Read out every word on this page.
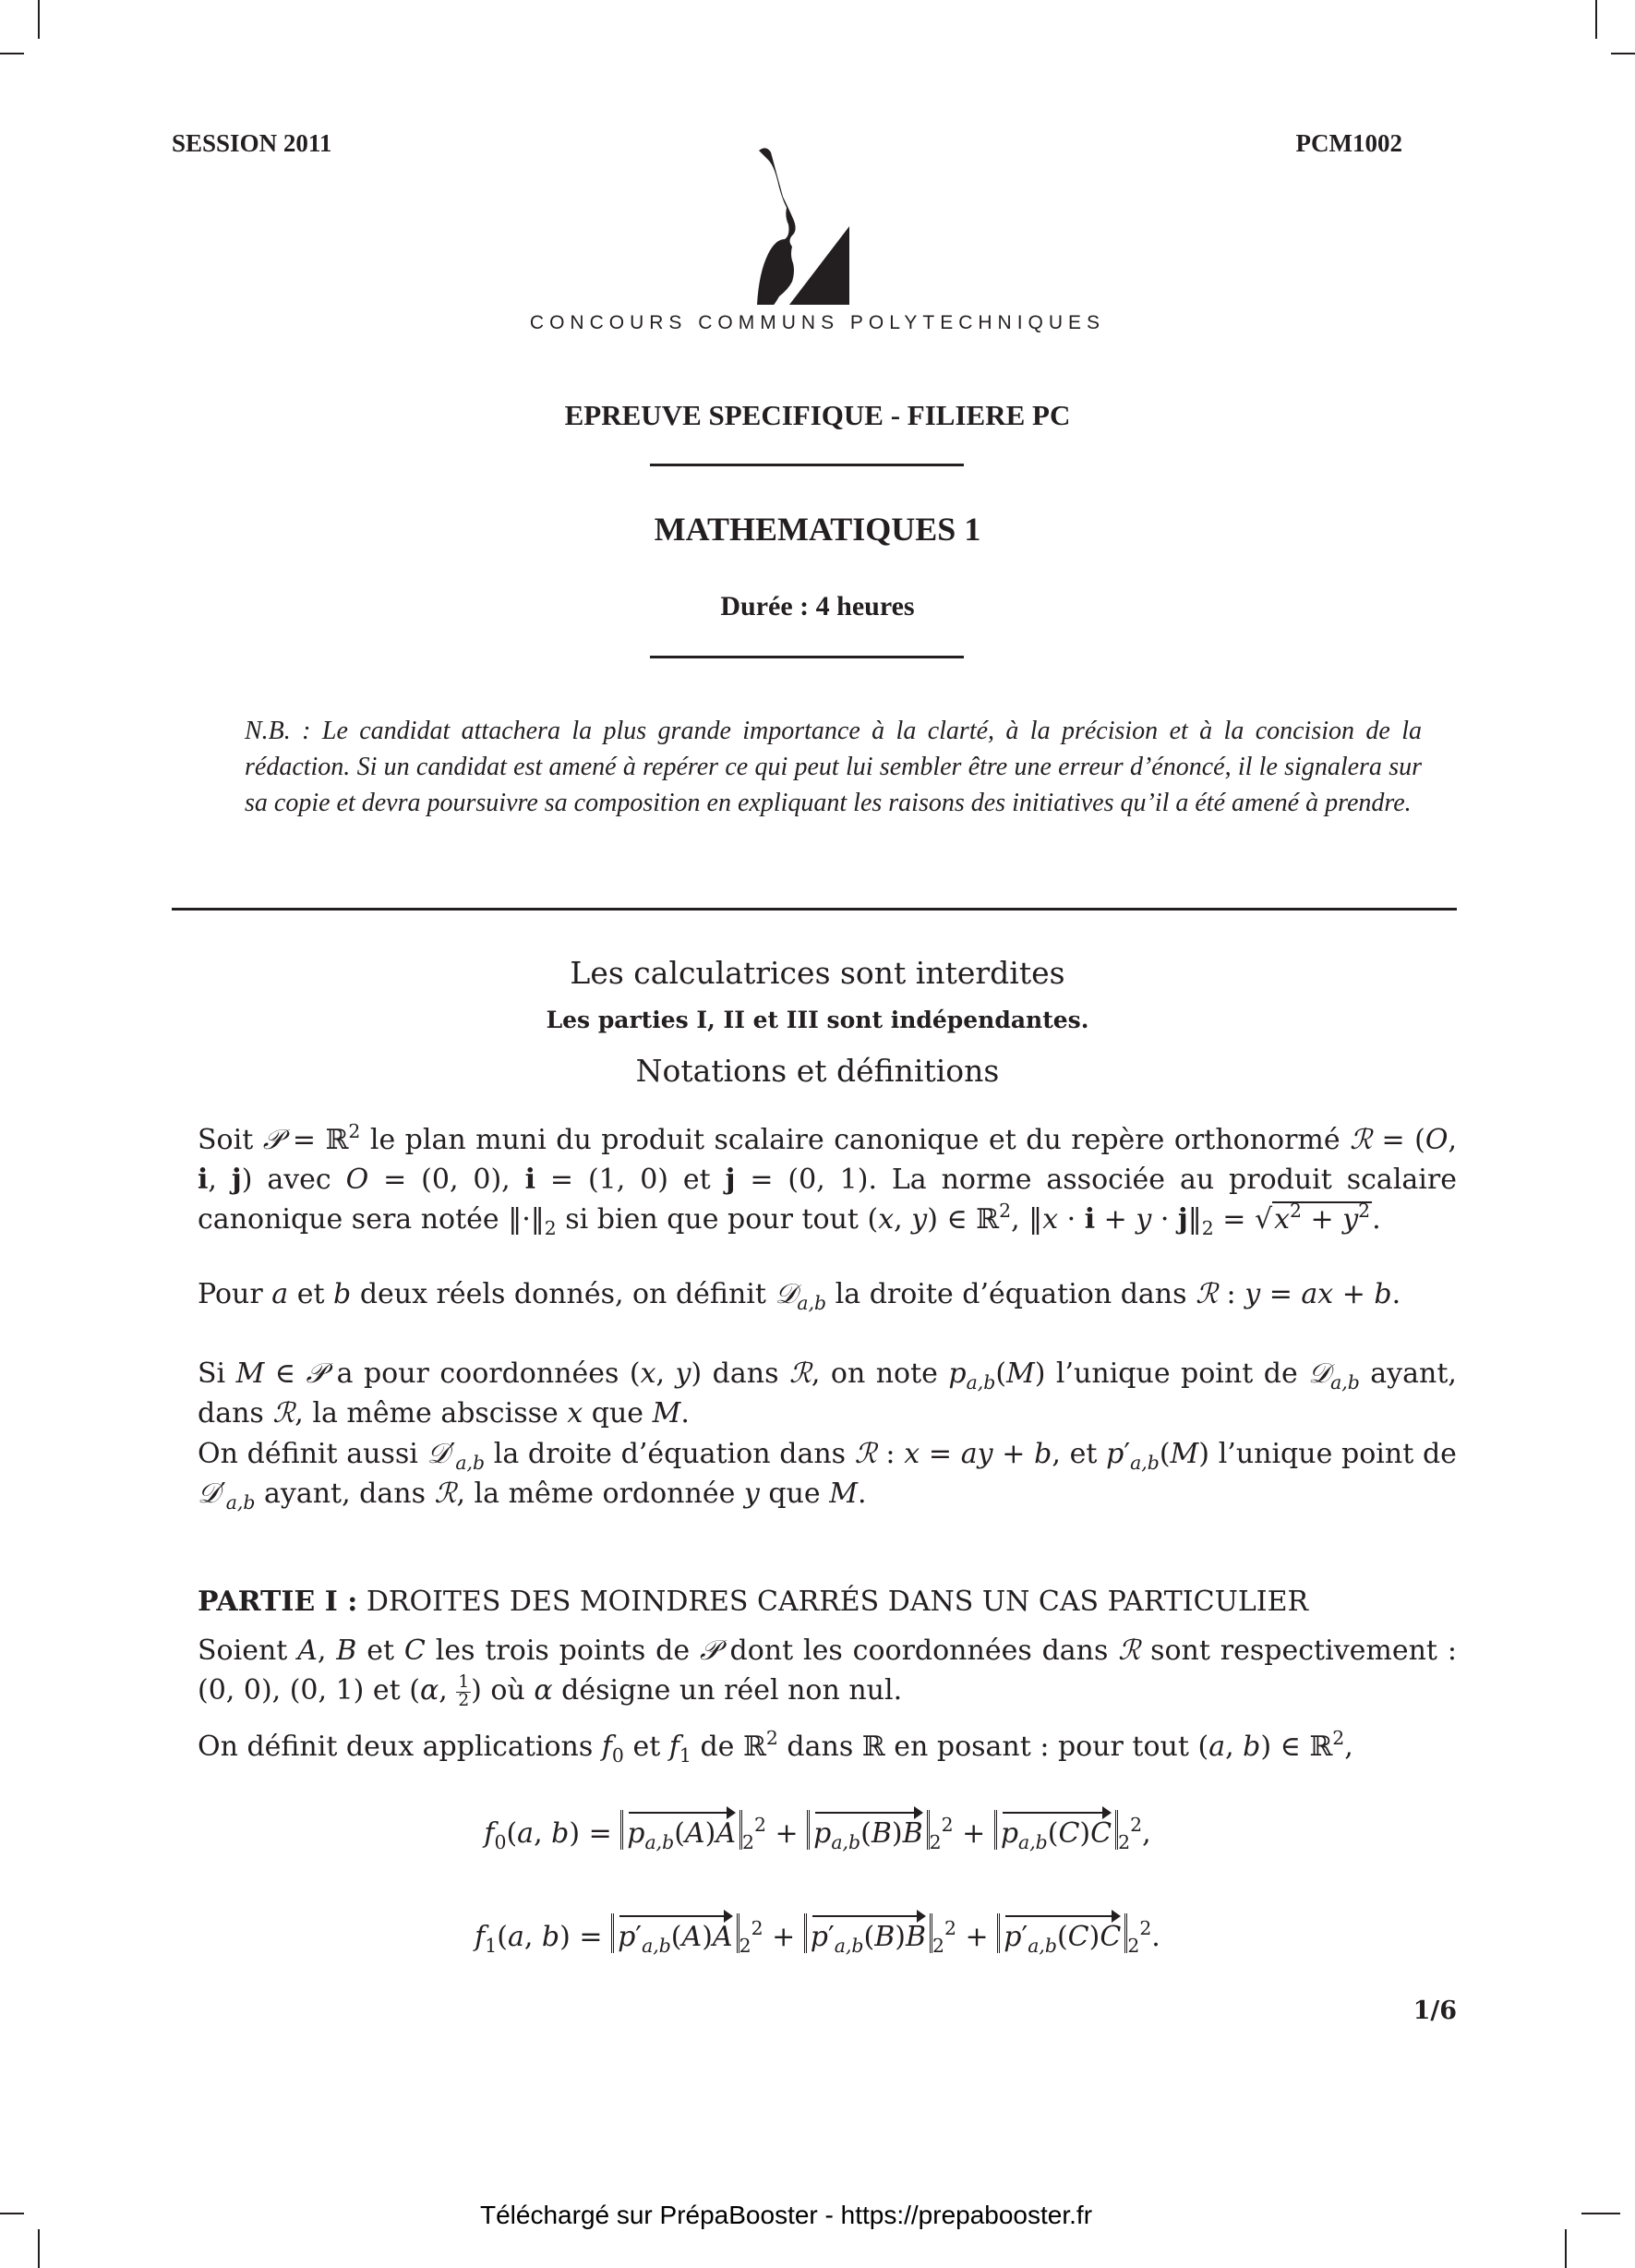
SESSION 2011	PCM1002
CONCOURS COMMUNS POLYTECHNIQUES
EPREUVE SPECIFIQUE - FILIERE PC
MATHEMATIQUES 1
Durée : 4 heures
N.B. : Le candidat attachera la plus grande importance à la clarté, à la précision et à la concision de la rédaction. Si un candidat est amené à repérer ce qui peut lui sembler être une erreur d’énoncé, il le signalera sur sa copie et devra poursuivre sa composition en expliquant les raisons des initiatives qu’il a été amené à prendre.
Les calculatrices sont interdites
Les parties I, II et III sont indépendantes.
Notations et définitions
Soit 𝒫 = ℝ$^2$ le plan muni du produit scalaire canonique et du repère orthonormé ℛ = (O, i, j) avec O = (0, 0), i = (1, 0) et j = (0, 1). La norme associée au produit scalaire canonique sera notée $‖\cdot‖_2$ si bien que pour tout (x, y) ∈ ℝ$^2$, ‖x · $i + y \cdot j‖_2 = √x^2 + y^2$.
Pour a et b deux réels donnés, on définit 𝒟$_{a,b}$ la droite d’équation dans ℛ : y = ax + b.
Si M ∈ 𝒫 a pour coordonnées (x, y) dans ℛ, on note $p_{a,b}(M)$ l’unique point de 𝒟$_{a,b}$ ayant, dans ℛ, la même abscisse x que M.
On définit aussi $𝒟'_{a,b}$ la droite d’équation dans ℛ : x = ay + b, et $p'_{a,b}(M)$ l’unique point de $𝒟'_{a,b}$ ayant, dans ℛ, la même ordonnée y que M.
PARTIE I : DROITES DES MOINDRES CARRÉS DANS UN CAS PARTICULIER
Soient A, B et C les trois points de 𝒫 dont les coordonnées dans ℛ sont respectivement : (0, 0), (0, 1) et (α, $\frac{1}{2}$ ) où α désigne un réel non nul.
On définit deux applications $f_0$ et $f_1$ de ℝ$^2$ dans ℝ en posant : pour tout (a, b) ∈ ℝ$^2$,
$f_0(a$, $b) = p_{a,b}(A)A$ $_2^2 + p_{a,b}(B)B$ $_2^2 + p_{a,b}(C)C$ $_2^2$,
$f_1(a$, $b) = p'_{a,b}(A)A$ $_2^2 + p'_{a,b}(B)B$ $_2^2 + p'_{a,b}(C)C$ $_2^2$.
1/6
Téléchargé sur PrépaBooster - https://prepabooster.fr
